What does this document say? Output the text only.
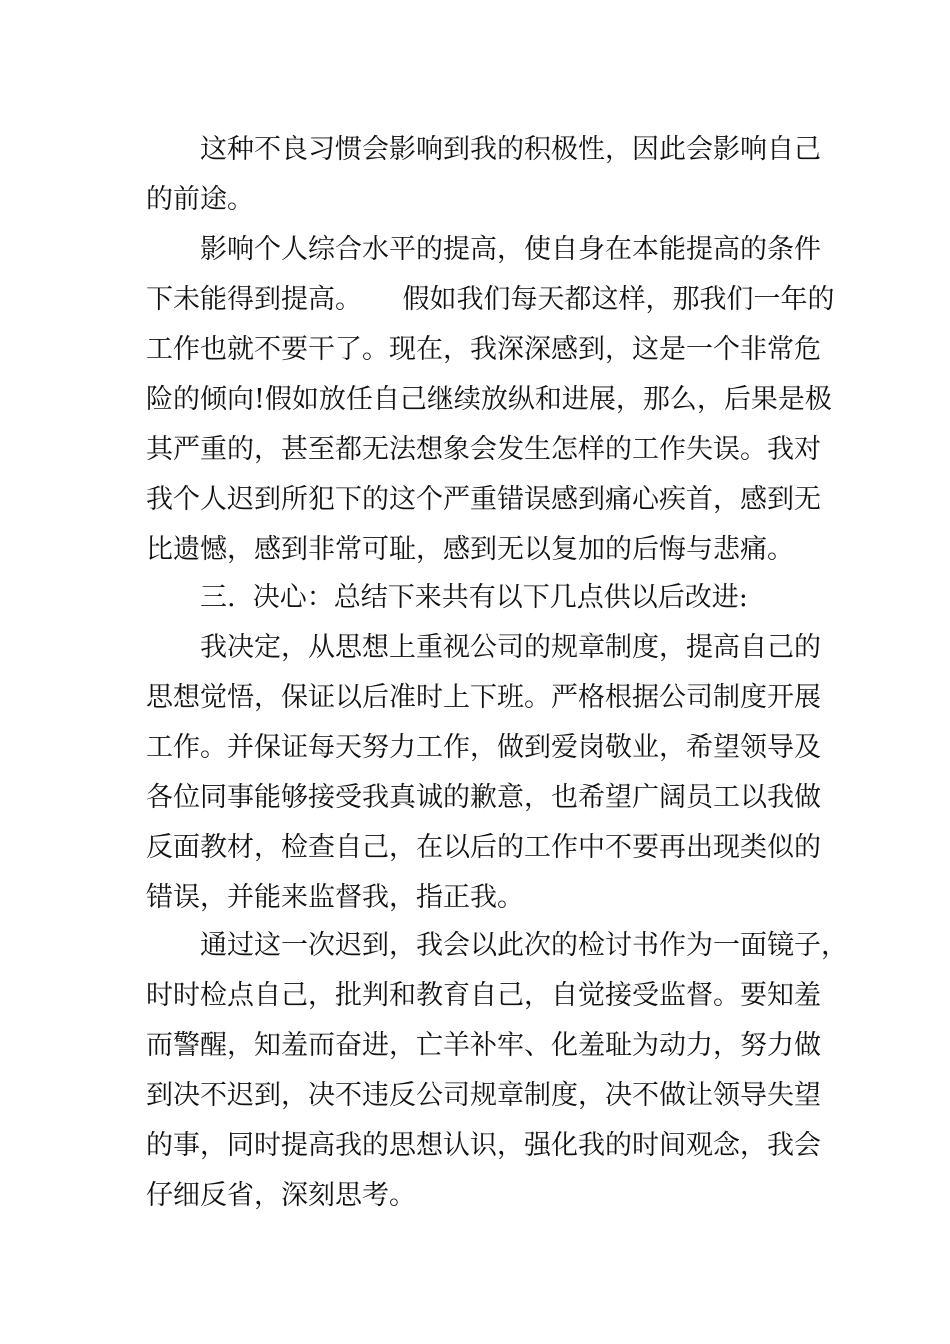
这种不良习惯会影响到我的积极性，因此会影响自己

的前途。

影响个人综合水平的提高，使自身在本能提高的条件

下未能得到提高。　　假如我们每天都这样，那我们一年的

工作也就不要干了。现在，我深深感到，这是一个非常危

险的倾向!假如放任自己继续放纵和进展，那么，后果是极

其严重的，甚至都无法想象会发生怎样的工作失误。我对

我个人迟到所犯下的这个严重错误感到痛心疾首，感到无

比遗憾，感到非常可耻，感到无以复加的后悔与悲痛。

三.  决心：总结下来共有以下几点供以后改进:

我决定，从思想上重视公司的规章制度，提高自己的

思想觉悟，保证以后准时上下班。严格根据公司制度开展

工作。并保证每天努力工作，做到爱岗敬业，希望领导及

各位同事能够接受我真诚的歉意，也希望广阔员工以我做

反面教材，检查自己，在以后的工作中不要再出现类似的

错误，并能来监督我，指正我。

通过这一次迟到，我会以此次的检讨书作为一面镜子，

时时检点自己，批判和教育自己，自觉接受监督。要知羞

而警醒，知羞而奋进，亡羊补牢、化羞耻为动力，努力做

到决不迟到，决不违反公司规章制度，决不做让领导失望

的事，同时提高我的思想认识，强化我的时间观念，我会

仔细反省，深刻思考。
